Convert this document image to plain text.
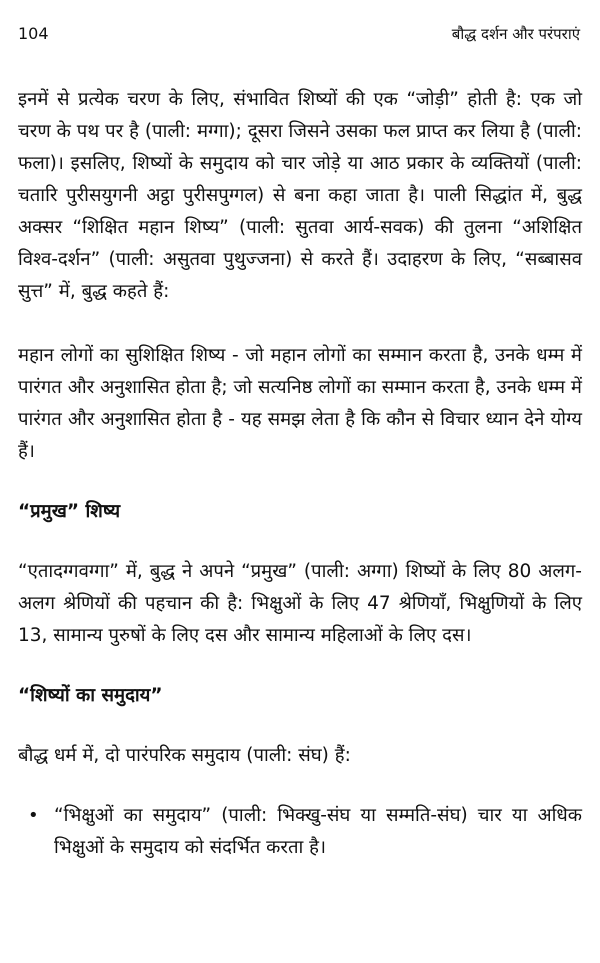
104	बौद्ध दर्शन और परंपराएं

इनमें से प्रत्येक चरण के लिए, संभावित शिष्यों की एक “जोड़ी” होती है: एक जो चरण के पथ पर है (पाली: मग्गा); दूसरा जिसने उसका फल प्राप्त कर लिया है (पाली: फला)। इसलिए, शिष्यों के समुदाय को चार जोड़े या आठ प्रकार के व्यक्तियों (पाली: चतारि पुरीसयुगनी अट्ठा पुरीसपुग्गल) से बना कहा जाता है। पाली सिद्धांत में, बुद्ध अक्सर “शिक्षित महान शिष्य” (पाली: सुतवा आर्य-सवक) की तुलना “अशिक्षित विश्व-दर्शन” (पाली: असुतवा पुथुज्जना) से करते हैं। उदाहरण के लिए, “सब्बासव सुत्त” में, बुद्ध कहते हैं:

महान लोगों का सुशिक्षित शिष्य - जो महान लोगों का सम्मान करता है, उनके धम्म में पारंगत और अनुशासित होता है; जो सत्यनिष्ठ लोगों का सम्मान करता है, उनके धम्म में पारंगत और अनुशासित होता है - यह समझ लेता है कि कौन से विचार ध्यान देने योग्य हैं।

“प्रमुख” शिष्य

“एतादग्गवग्गा” में, बुद्ध ने अपने “प्रमुख” (पाली: अग्गा) शिष्यों के लिए 80 अलग-अलग श्रेणियों की पहचान की है: भिक्षुओं के लिए 47 श्रेणियाँ, भिक्षुणियों के लिए 13, सामान्य पुरुषों के लिए दस और सामान्य महिलाओं के लिए दस।

“शिष्यों का समुदाय”

बौद्ध धर्म में, दो पारंपरिक समुदाय (पाली: संघ) हैं:

• “भिक्षुओं का समुदाय” (पाली: भिक्खु-संघ या सम्मति-संघ) चार या अधिक भिक्षुओं के समुदाय को संदर्भित करता है।
